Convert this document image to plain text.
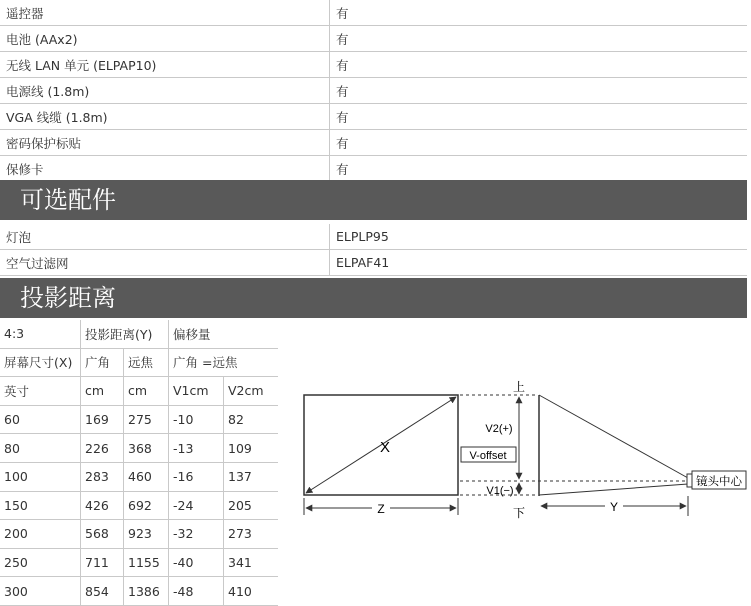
遥控器	有
电池 (AAx2)	有
无线 LAN 单元 (ELPAP10)	有
电源线 (1.8m)	有
VGA 线缆 (1.8m)	有
密码保护标贴	有
保修卡	有
可选配件
灯泡	ELPLP95
空气过滤网	ELPAF41
投影距离
4:3	投影距离(Y)		偏移量	
屏幕尺寸(X)	广角	远焦	广角 =远焦	
英寸	cm	cm	V1cm	V2cm
60	169	275	-10	82
80	226	368	-13	109
100	283	460	-16	137
150	426	692	-24	205
200	568	923	-32	273
250	711	1155	-40	341
300	854	1386	-48	410
X
Z
上
下
V2(+)
V1(−)
V-offset
Y
镜头中心
